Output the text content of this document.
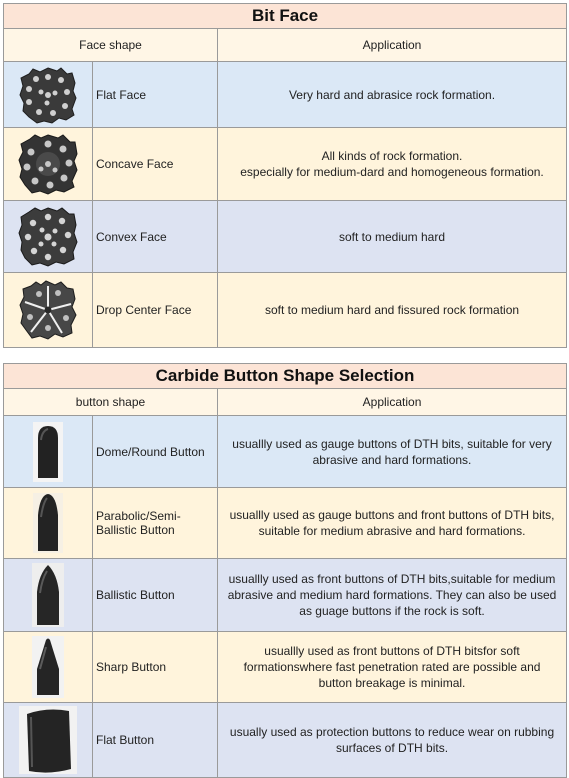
Bit Face		
Face shape		Application

	Flat Face	Very hard and abrasice rock formation.

	Concave Face	All kinds of rock formation.
especially for medium-dard and homogeneous formation.

	Convex Face	soft to medium hard

	Drop Center Face	soft to medium hard and fissured rock formation
Carbide Button Shape Selection		
button shape		Application

	Dome/Round Button	usuallly used as gauge buttons of DTH bits, suitable for very
abrasive and hard formations.

	Parabolic/Semi-Ballistic Button	usuallly used as gauge buttons and front buttons of DTH bits,
suitable for medium abrasive and hard formations.

	Ballistic Button	usuallly used as front buttons of DTH bits,suitable for medium
abrasive and medium hard formations. They can also be used
as guage buttons if the rock is soft.

	Sharp Button	usuallly used as front buttons of DTH bitsfor soft
formationswhere fast penetration rated are possible and
button breakage is minimal.

	Flat Button	usually used as protection buttons to reduce wear on rubbing
surfaces of DTH bits.
